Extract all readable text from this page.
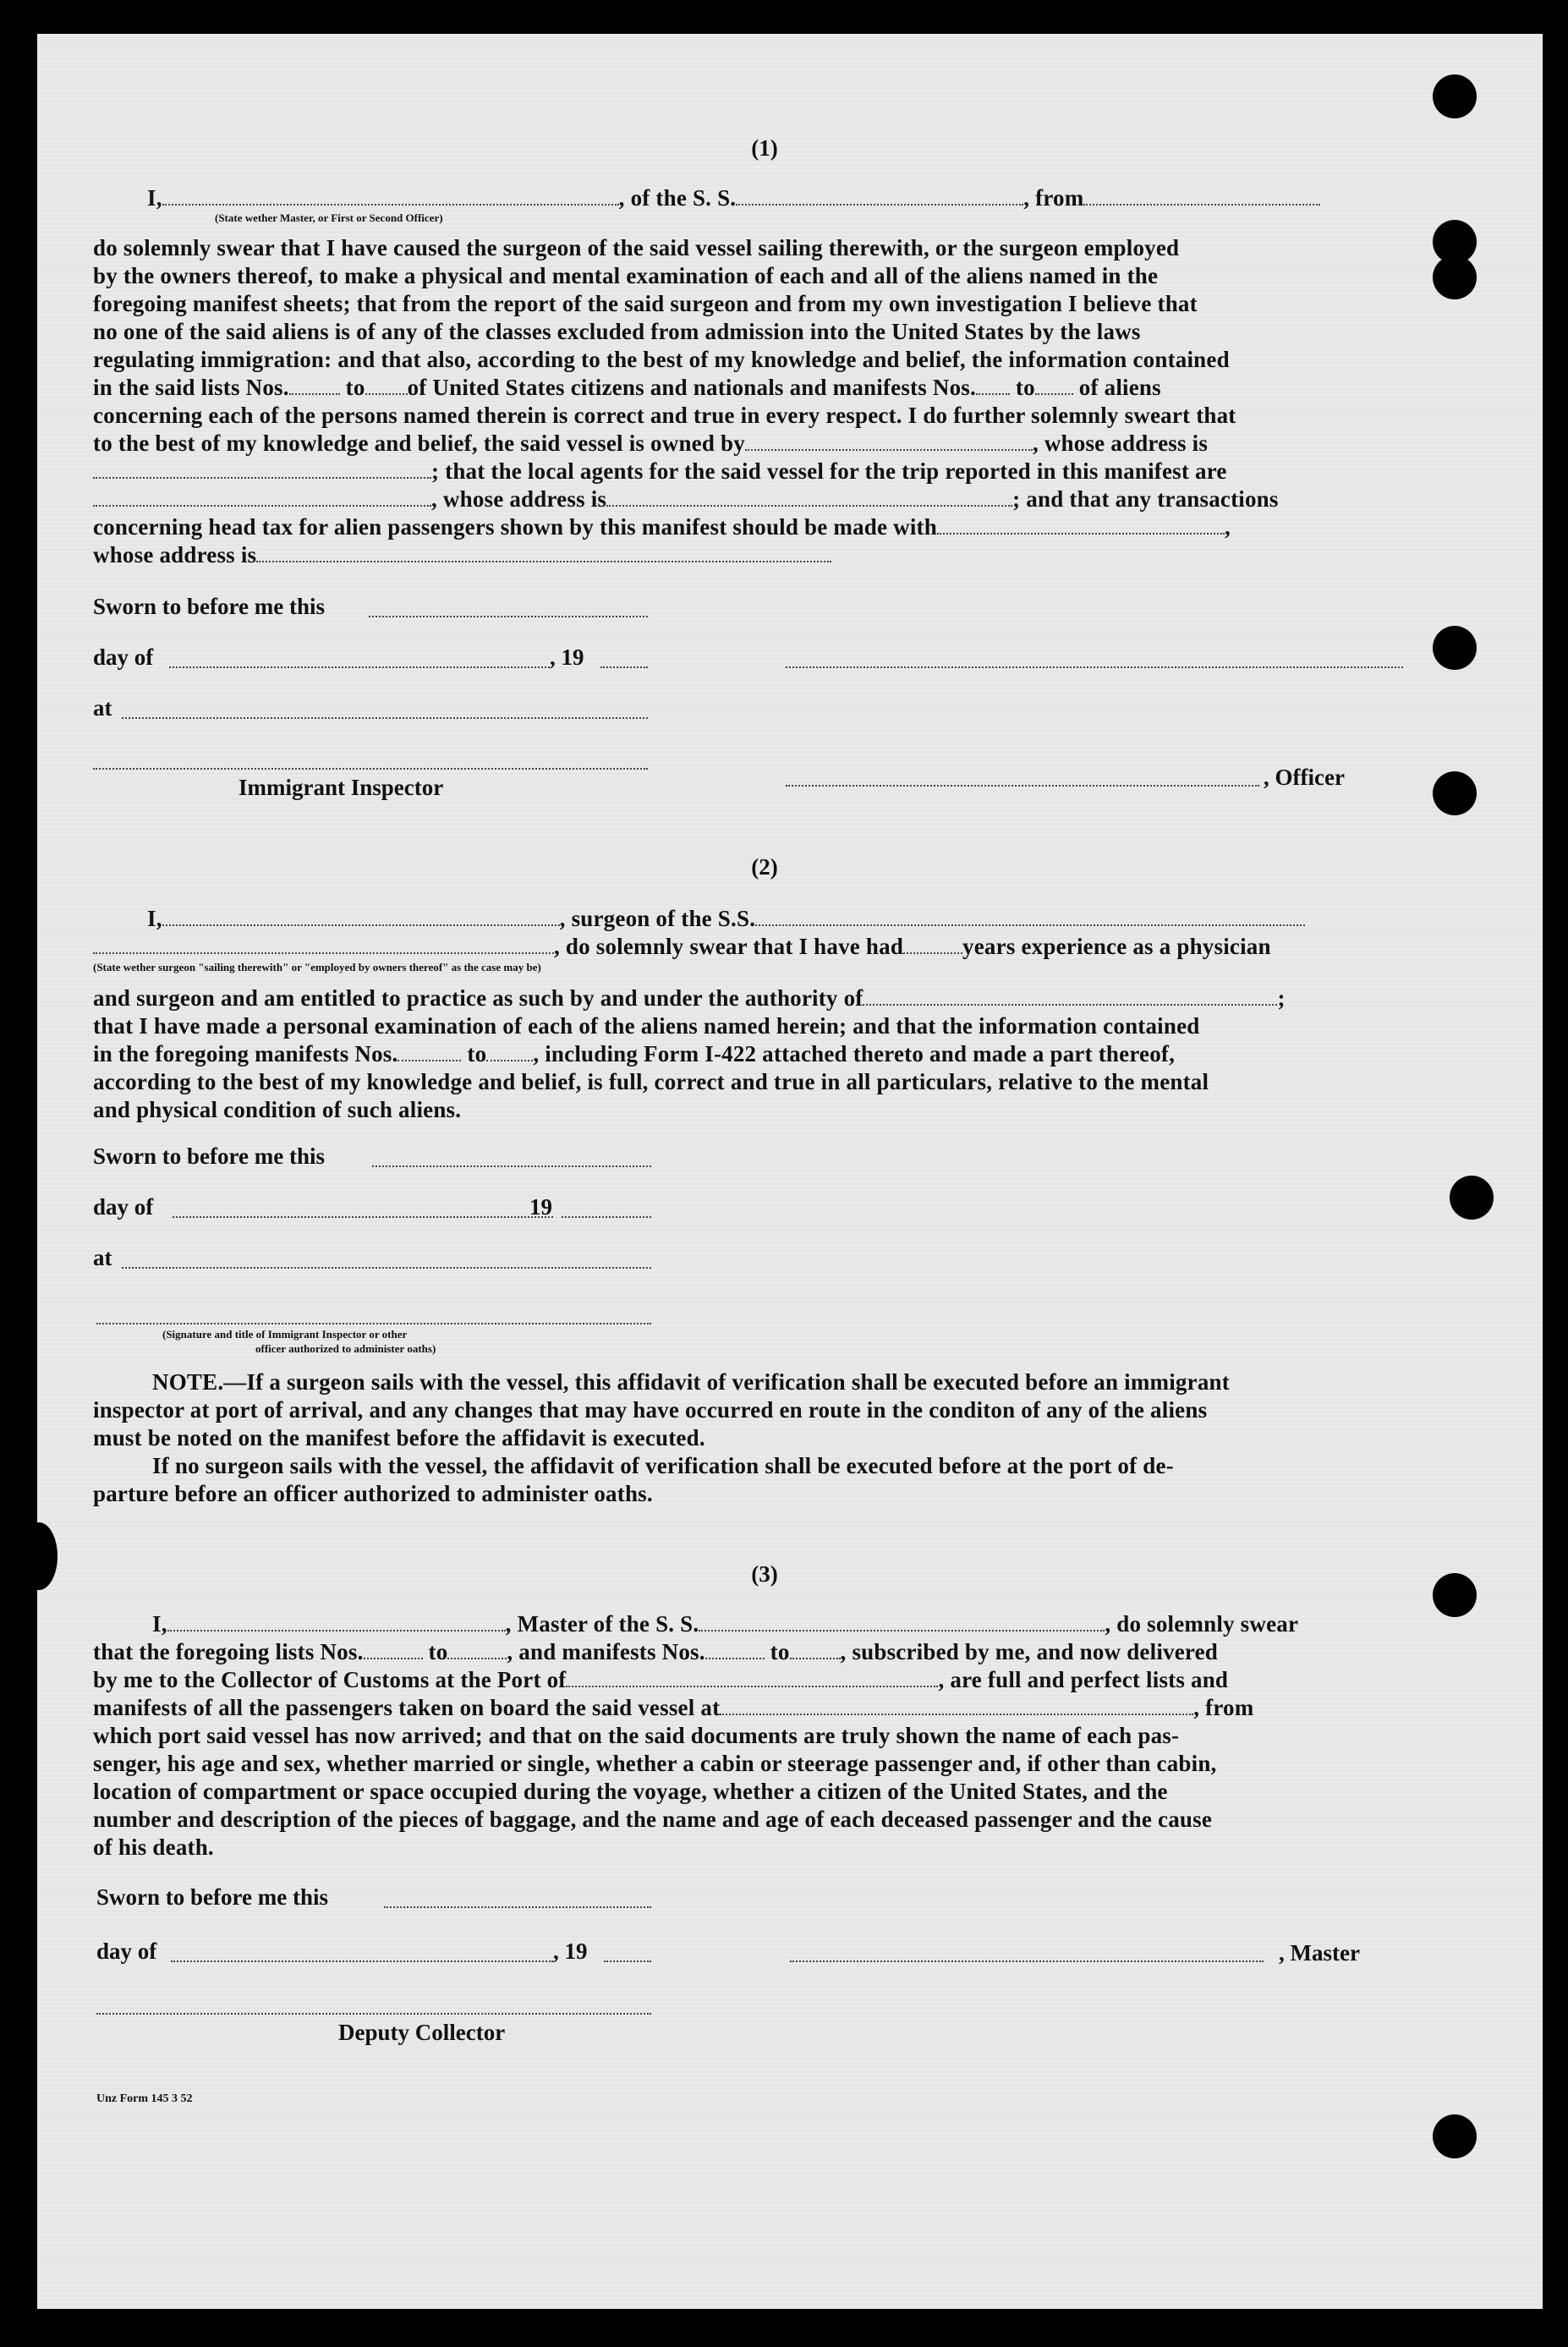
(1)
I,	, of the S. S.	, from
(State wether Master, or First or Second Officer)
do solemnly swear that I have caused the surgeon of the said vessel sailing therewith, or the surgeon employed
by the owners thereof, to make a physical and mental examination of each and all of the aliens named in the
foregoing manifest sheets; that from the report of the said surgeon and from my own investigation I believe that
no one of the said aliens is of any of the classes excluded from admission into the United States by the laws
regulating immigration: and that also, according to the best of my knowledge and belief, the information contained
in the said lists Nos. to of United States citizens and nationals and manifests Nos. to of aliens
concerning each of the persons named therein is correct and true in every respect. I do further solemnly sweart that
to the best of my knowledge and belief, the said vessel is owned by	, whose address is
; that the local agents for the said vessel for the trip reported in this manifest are
, whose address is	; and that any transactions
concerning head tax for alien passengers shown by this manifest should be made with	,
whose address is
Sworn to before me this
day of	, 19
at
Immigrant Inspector	, Officer
(2)
I,	, surgeon of the S.S.
, do solemnly swear that I have had	years experience as a physician
(State wether surgeon "sailing therewith" or "employed by owners thereof" as the case may be)
and surgeon and am entitled to practice as such by and under the authority of	;
that I have made a personal examination of each of the aliens named herein; and that the information contained
in the foregoing manifests Nos.	to , including Form I-422 attached thereto and made a part thereof,
according to the best of my knowledge and belief, is full, correct and true in all particulars, relative to the mental
and physical condition of such aliens.
Sworn to before me this
day of	19
at
(Signature and title of Immigrant Inspector or other
officer authorized to administer oaths)
NOTE.—If a surgeon sails with the vessel, this affidavit of verification shall be executed before an immigrant
inspector at port of arrival, and any changes that may have occurred en route in the conditon of any of the aliens
must be noted on the manifest before the affidavit is executed.
If no surgeon sails with the vessel, the affidavit of verification shall be executed before at the port of de-
parture before an officer authorized to administer oaths.
(3)
I,	, Master of the S. S.	, do solemnly swear
that the foregoing lists Nos.	to	, and manifests Nos.	to , subscribed by me, and now delivered
by me to the Collector of Customs at the Port of	, are full and perfect lists and
manifests of all the passengers taken on board the said vessel at	, from
which port said vessel has now arrived; and that on the said documents are truly shown the name of each pas-
senger, his age and sex, whether married or single, whether a cabin or steerage passenger and, if other than cabin,
location of compartment or space occupied during the voyage, whether a citizen of the United States, and the
number and description of the pieces of baggage, and the name and age of each deceased passenger and the cause
of his death.
Sworn to before me this
day of	, 19	, Master
Deputy Collector
Unz Form 145 3 52
